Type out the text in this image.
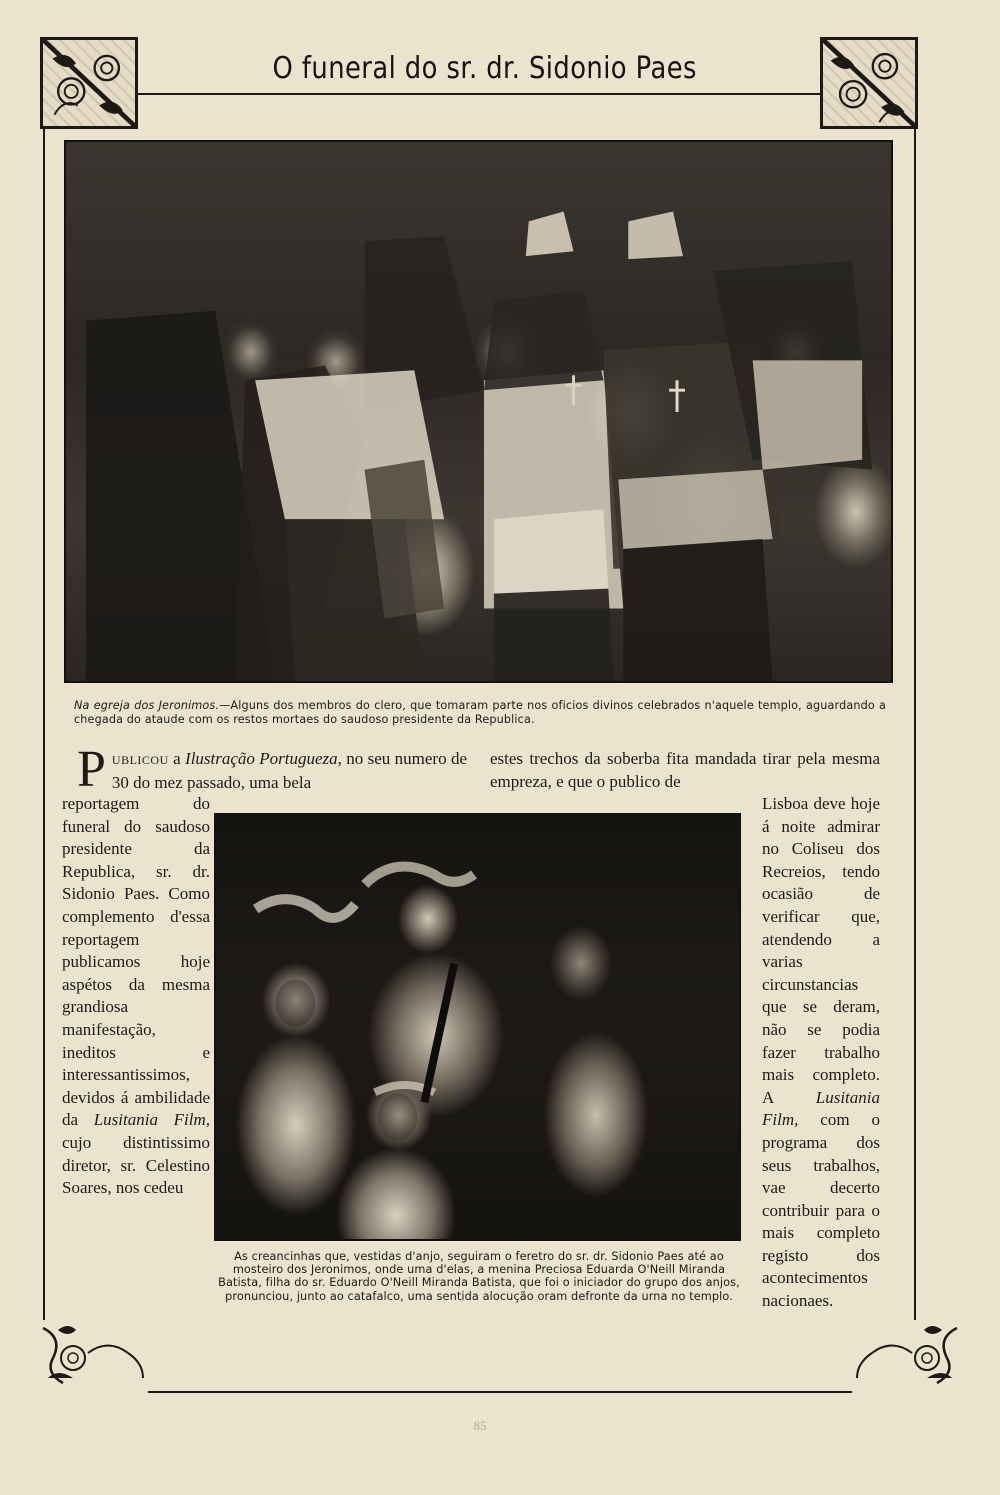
O funeral do sr. dr. Sidonio Paes
Na egreja dos Jeronimos.—Alguns dos membros do clero, que tomaram parte nos oficios divinos celebrados n'aquele templo, aguardando a chegada do ataude com os restos mortaes do saudoso presidente da Republica.
PUBLICOU a Ilustração Portugueza, no seu numero de 30 do mez passado, uma bela
estes trechos da soberba fita mandada tirar pela mesma empreza, e que o publico de
reportagem do funeral do saudoso presidente da Republica, sr. dr. Sidonio Paes. Como complemento d'essa reportagem publicamos hoje aspétos da mesma grandiosa manifestação, ineditos e interessantissimos, devidos á ambilidade da Lusitania Film, cujo distintissimo diretor, sr. Celestino Soares, nos cedeu
Lisboa deve hoje á noite admirar no Coliseu dos Recreios, tendo ocasião de verificar que, atendendo a varias circunstancias que se deram, não se podia fazer trabalho mais completo. A Lusitania Film, com o programa dos seus trabalhos, vae decerto contribuir para o mais completo registo dos acontecimentos nacionaes.
As creancinhas que, vestidas d'anjo, seguiram o feretro do sr. dr. Sidonio Paes até ao mosteiro dos Jeronimos, onde uma d'elas, a menina Preciosa Eduarda O'Neill Miranda Batista, filha do sr. Eduardo O'Neill Miranda Batista, que foi o iniciador do grupo dos anjos, pronunciou, junto ao catafalco, uma sentida alocução oram defronte da urna no templo.
85
